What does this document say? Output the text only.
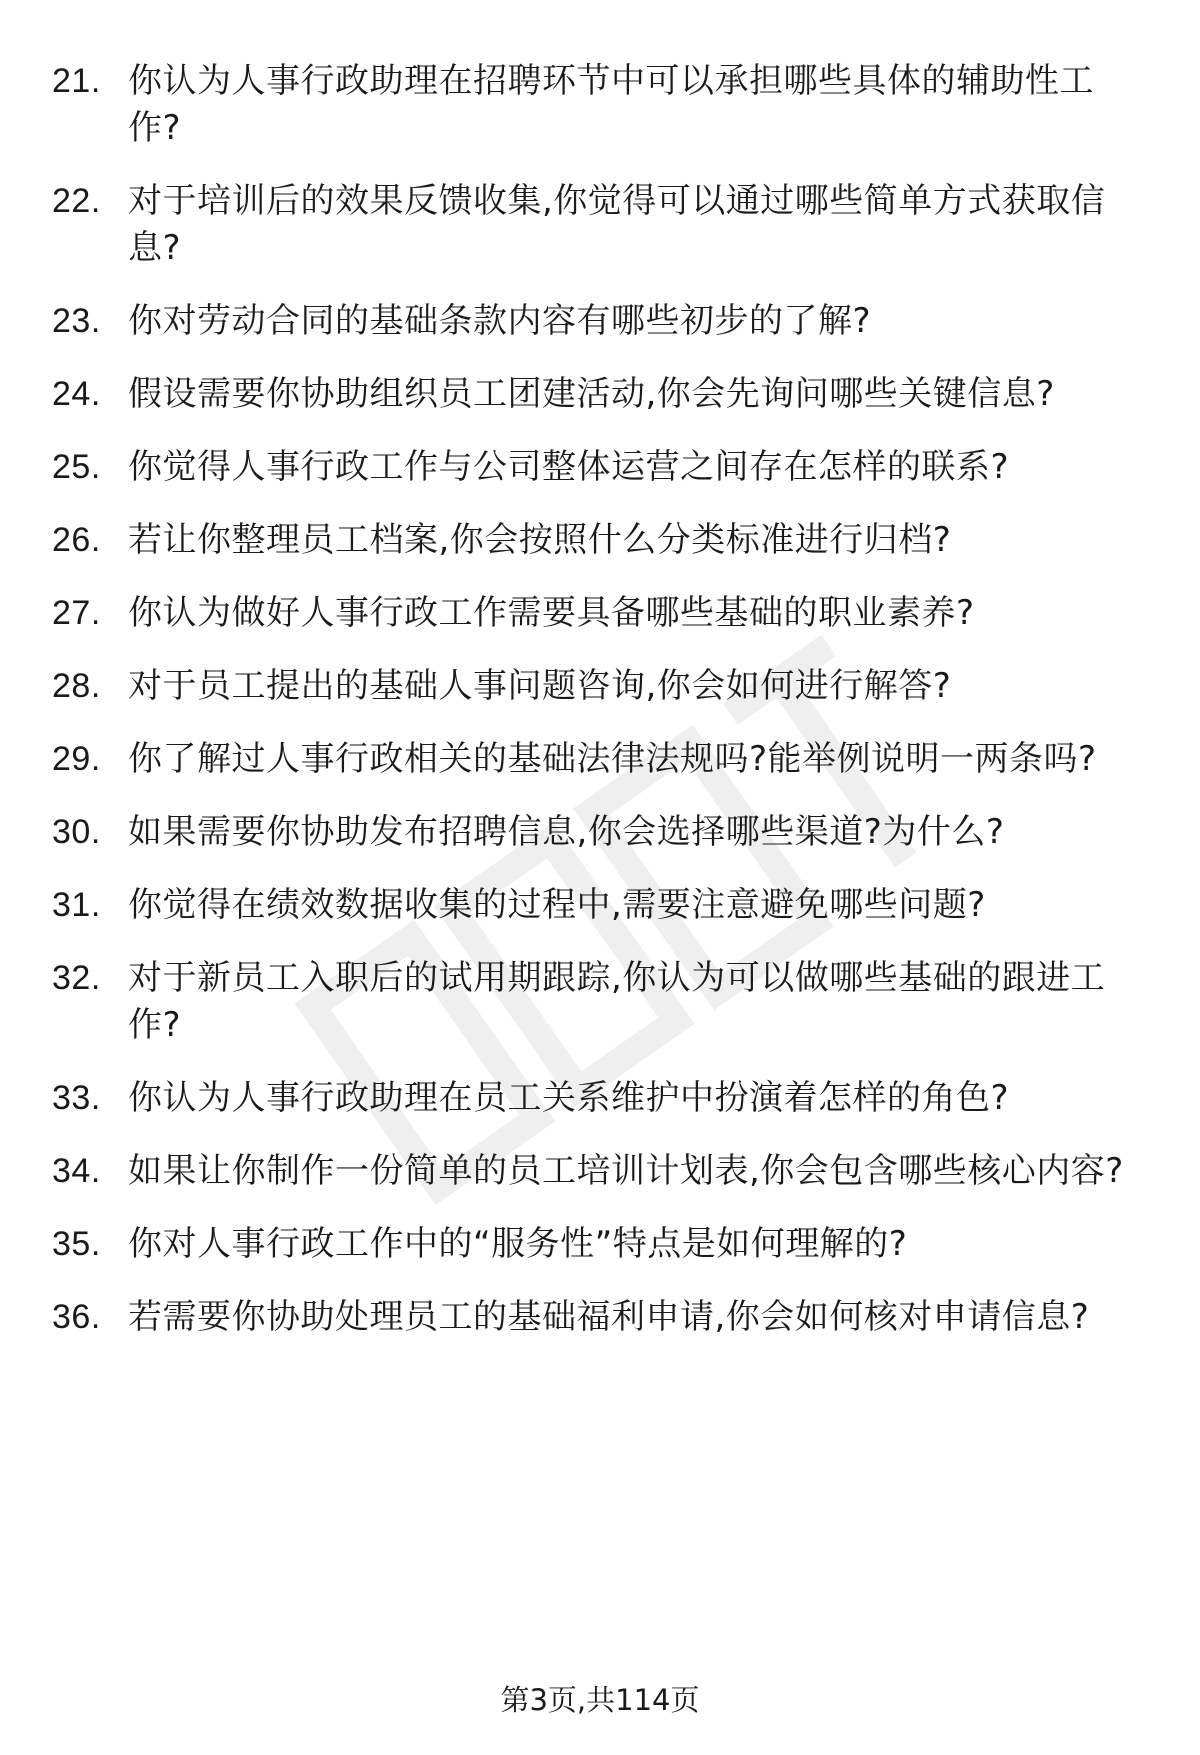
21. 你认为人事行政助理在招聘环节中可以承担哪些具体的辅助性工作?
22. 对于培训后的效果反馈收集,你觉得可以通过哪些简单方式获取信息?
23. 你对劳动合同的基础条款内容有哪些初步的了解?
24. 假设需要你协助组织员工团建活动,你会先询问哪些关键信息?
25. 你觉得人事行政工作与公司整体运营之间存在怎样的联系?
26. 若让你整理员工档案,你会按照什么分类标准进行归档?
27. 你认为做好人事行政工作需要具备哪些基础的职业素养?
28. 对于员工提出的基础人事问题咨询,你会如何进行解答?
29. 你了解过人事行政相关的基础法律法规吗?能举例说明一两条吗?
30. 如果需要你协助发布招聘信息,你会选择哪些渠道?为什么?
31. 你觉得在绩效数据收集的过程中,需要注意避免哪些问题?
32. 对于新员工入职后的试用期跟踪,你认为可以做哪些基础的跟进工作?
33. 你认为人事行政助理在员工关系维护中扮演着怎样的角色?
34. 如果让你制作一份简单的员工培训计划表,你会包含哪些核心内容?
35. 你对人事行政工作中的“服务性”特点是如何理解的?
36. 若需要你协助处理员工的基础福利申请,你会如何核对申请信息?
第3页,共114页
